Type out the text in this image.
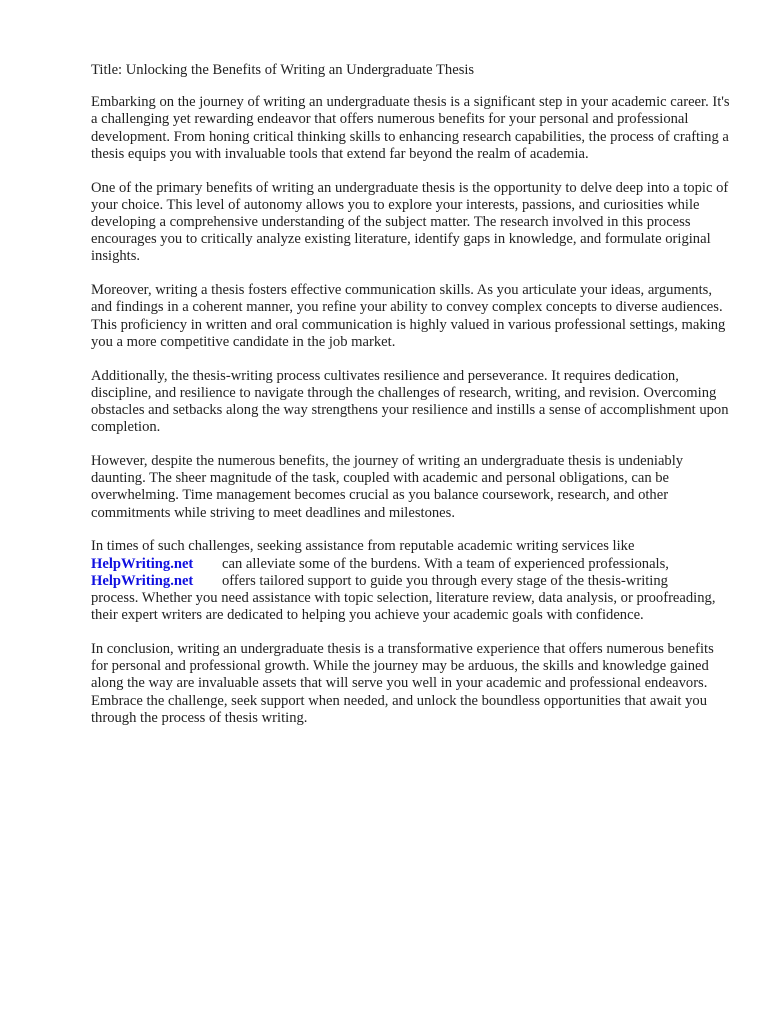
Title: Unlocking the Benefits of Writing an Undergraduate Thesis

Embarking on the journey of writing an undergraduate thesis is a significant step in your academic career. It's a challenging yet rewarding endeavor that offers numerous benefits for your personal and professional development. From honing critical thinking skills to enhancing research capabilities, the process of crafting a thesis equips you with invaluable tools that extend far beyond the realm of academia.

One of the primary benefits of writing an undergraduate thesis is the opportunity to delve deep into a topic of your choice. This level of autonomy allows you to explore your interests, passions, and curiosities while developing a comprehensive understanding of the subject matter. The research involved in this process encourages you to critically analyze existing literature, identify gaps in knowledge, and formulate original insights.

Moreover, writing a thesis fosters effective communication skills. As you articulate your ideas, arguments, and findings in a coherent manner, you refine your ability to convey complex concepts to diverse audiences. This proficiency in written and oral communication is highly valued in various professional settings, making you a more competitive candidate in the job market.

Additionally, the thesis-writing process cultivates resilience and perseverance. It requires dedication, discipline, and resilience to navigate through the challenges of research, writing, and revision. Overcoming obstacles and setbacks along the way strengthens your resilience and instills a sense of accomplishment upon completion.

However, despite the numerous benefits, the journey of writing an undergraduate thesis is undeniably daunting. The sheer magnitude of the task, coupled with academic and personal obligations, can be overwhelming. Time management becomes crucial as you balance coursework, research, and other commitments while striving to meet deadlines and milestones.

In times of such challenges, seeking assistance from reputable academic writing services like
HelpWriting.net can alleviate some of the burdens. With a team of experienced professionals,
HelpWriting.net offers tailored support to guide you through every stage of the thesis-writing
process. Whether you need assistance with topic selection, literature review, data analysis, or proofreading, their expert writers are dedicated to helping you achieve your academic goals with confidence.

In conclusion, writing an undergraduate thesis is a transformative experience that offers numerous benefits for personal and professional growth. While the journey may be arduous, the skills and knowledge gained along the way are invaluable assets that will serve you well in your academic and professional endeavors. Embrace the challenge, seek support when needed, and unlock the boundless opportunities that await you through the process of thesis writing.
